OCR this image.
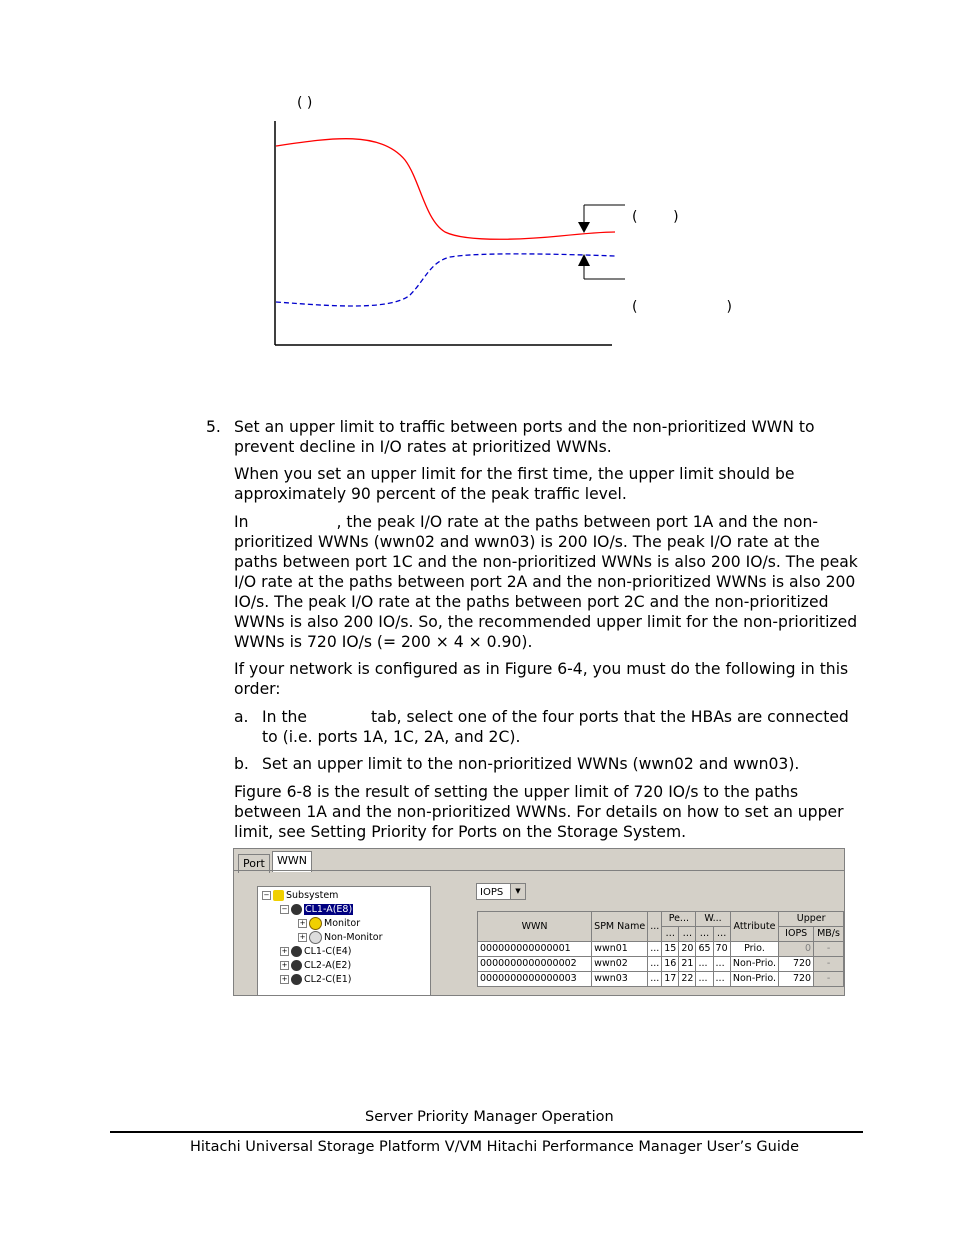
( )
(        )
(                    )
5. Set an upper limit to traffic between ports and the non-prioritized WWN to prevent decline in I/O rates at prioritized WWNs.
When you set an upper limit for the first time, the upper limit should be approximately 90 percent of the peak traffic level.
In	, the peak I/O rate at the paths between port 1A and the non-prioritized WWNs (wwn02 and wwn03) is 200 IO/s. The peak I/O rate at the paths between port 1C and the non-prioritized WWNs is also 200 IO/s. The peak I/O rate at the paths between port 2A and the non-prioritized WWNs is also 200 IO/s. The peak I/O rate at the paths between port 2C and the non-prioritized WWNs is also 200 IO/s. So, the recommended upper limit for the non-prioritized WWNs is 720 IO/s (= 200 × 4 × 0.90).
If your network is configured as in Figure 6-4, you must do the following in this order:
a. In the	tab, select one of the four ports that the HBAs are connected to (i.e. ports 1A, 1C, 2A, and 2C).
b. Set an upper limit to the non-prioritized WWNs (wwn02 and wwn03).
Figure 6-8 is the result of setting the upper limit of 720 IO/s to the paths between 1A and the non-prioritized WWNs. For details on how to set an upper limit, see Setting Priority for Ports on the Storage System.
Port	WWN
− Subsystem
− CL1-A(E8)
+ Monitor
+ Non-Monitor
+ CL1-C(E4)
+ CL2-A(E2)
+ CL2-C(E1)
IOPS	▼
WWN	SPM Name	...	Pe...		W...		Attribute	Upper	
			…	…	…	…		IOPS	MB/s
000000000000001	wwn01	...	15	20	65	70	Prio.	0	-
0000000000000002	wwn02	...	16	21	...	...	Non-Prio.	720	-
0000000000000003	wwn03	...	17	22	...	...	Non-Prio.	720	-
Server Priority Manager Operation
Hitachi Universal Storage Platform V/VM Hitachi Performance Manager User’s Guide
